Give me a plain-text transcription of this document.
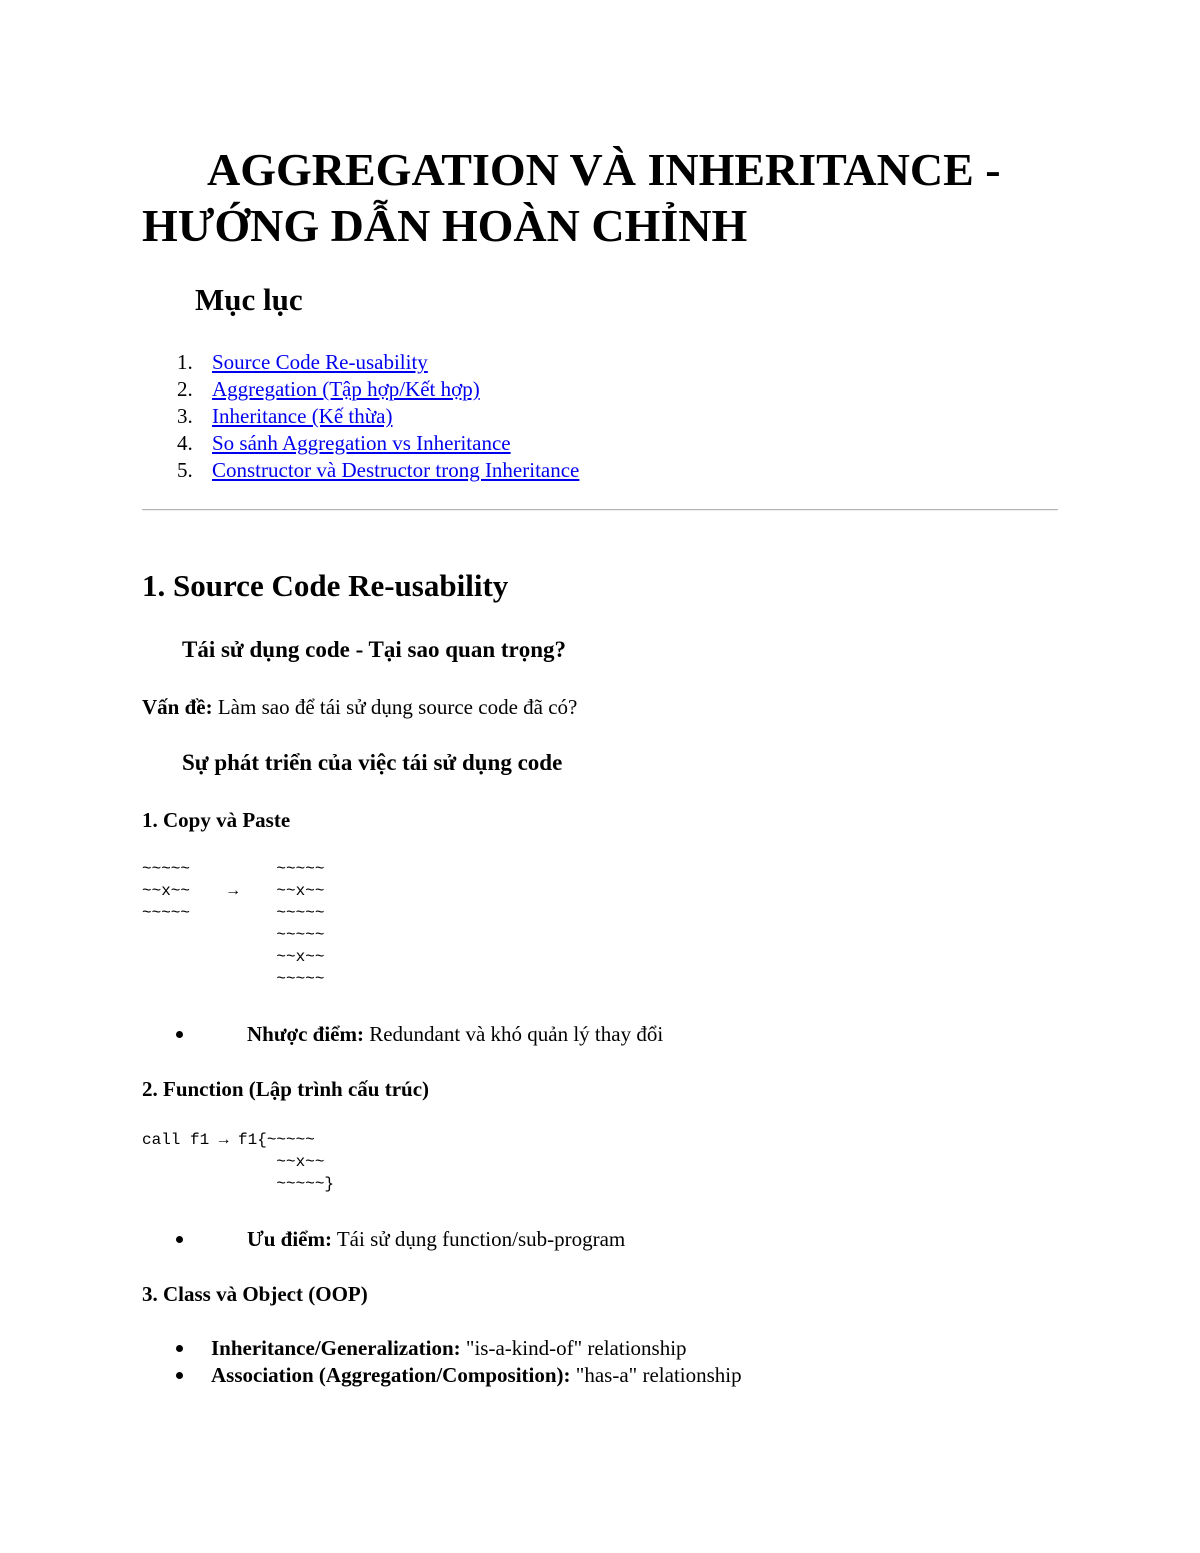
AGGREGATION VÀ INHERITANCE -
HƯỚNG DẪN HOÀN CHỈNH
Mục lục
1. Source Code Re-usability
2. Aggregation (Tập hợp/Kết hợp)
3. Inheritance (Kế thừa)
4. So sánh Aggregation vs Inheritance
5. Constructor và Destructor trong Inheritance
1. Source Code Re-usability
Tái sử dụng code - Tại sao quan trọng?
Vấn đề: Làm sao để tái sử dụng source code đã có?
Sự phát triển của việc tái sử dụng code
1. Copy và Paste
~~~~~         ~~~~~
~~x~~    →    ~~x~~
~~~~~         ~~~~~
~~~~~
~~x~~
~~~~~
Nhược điểm: Redundant và khó quản lý thay đổi
2. Function (Lập trình cấu trúc)
call f1 → f1{~~~~~
~~x~~
~~~~~}
Ưu điểm: Tái sử dụng function/sub-program
3. Class và Object (OOP)
Inheritance/Generalization: "is-a-kind-of" relationship
Association (Aggregation/Composition): "has-a" relationship
